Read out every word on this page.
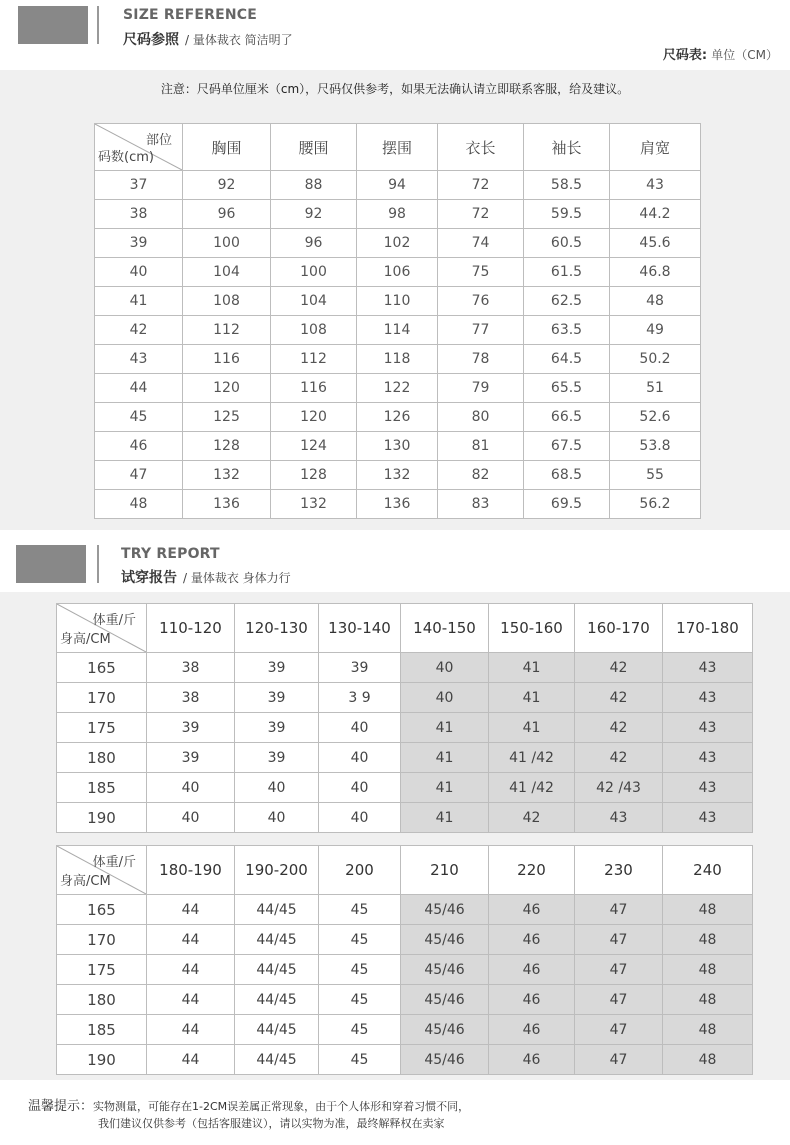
SIZE REFERENCE
尺码参照 / 量体裁衣 简洁明了
尺码表: 单位（CM）
注意：尺码单位厘米（cm），尺码仅供参考，如果无法确认请立即联系客服，给及建议。
部位
码数(cm)	胸围	腰围	摆围	衣长	袖长	肩宽
37	92	88	94	72	58.5	43
38	96	92	98	72	59.5	44.2
39	100	96	102	74	60.5	45.6
40	104	100	106	75	61.5	46.8
41	108	104	110	76	62.5	48
42	112	108	114	77	63.5	49
43	116	112	118	78	64.5	50.2
44	120	116	122	79	65.5	51
45	125	120	126	80	66.5	52.6
46	128	124	130	81	67.5	53.8
47	132	128	132	82	68.5	55
48	136	132	136	83	69.5	56.2
TRY REPORT
试穿报告 / 量体裁衣 身体力行
体重/斤
身高/CM	110-120	120-130	130-140	140-150	150-160	160-170	170-180
165	38	39	39	40	41	42	43
170	38	39	3 9	40	41	42	43
175	39	39	40	41	41	42	43
180	39	39	40	41	41 /42	42	43
185	40	40	40	41	41 /42	42 /43	43
190	40	40	40	41	42	43	43
体重/斤
身高/CM	180-190	190-200	200	210	220	230	240
165	44	44/45	45	45/46	46	47	48
170	44	44/45	45	45/46	46	47	48
175	44	44/45	45	45/46	46	47	48
180	44	44/45	45	45/46	46	47	48
185	44	44/45	45	45/46	46	47	48
190	44	44/45	45	45/46	46	47	48
温馨提示：实物测量，可能存在1-2CM误差属正常现象，由于个人体形和穿着习惯不同，
我们建议仅供参考（包括客服建议），请以实物为准，最终解释权在卖家
